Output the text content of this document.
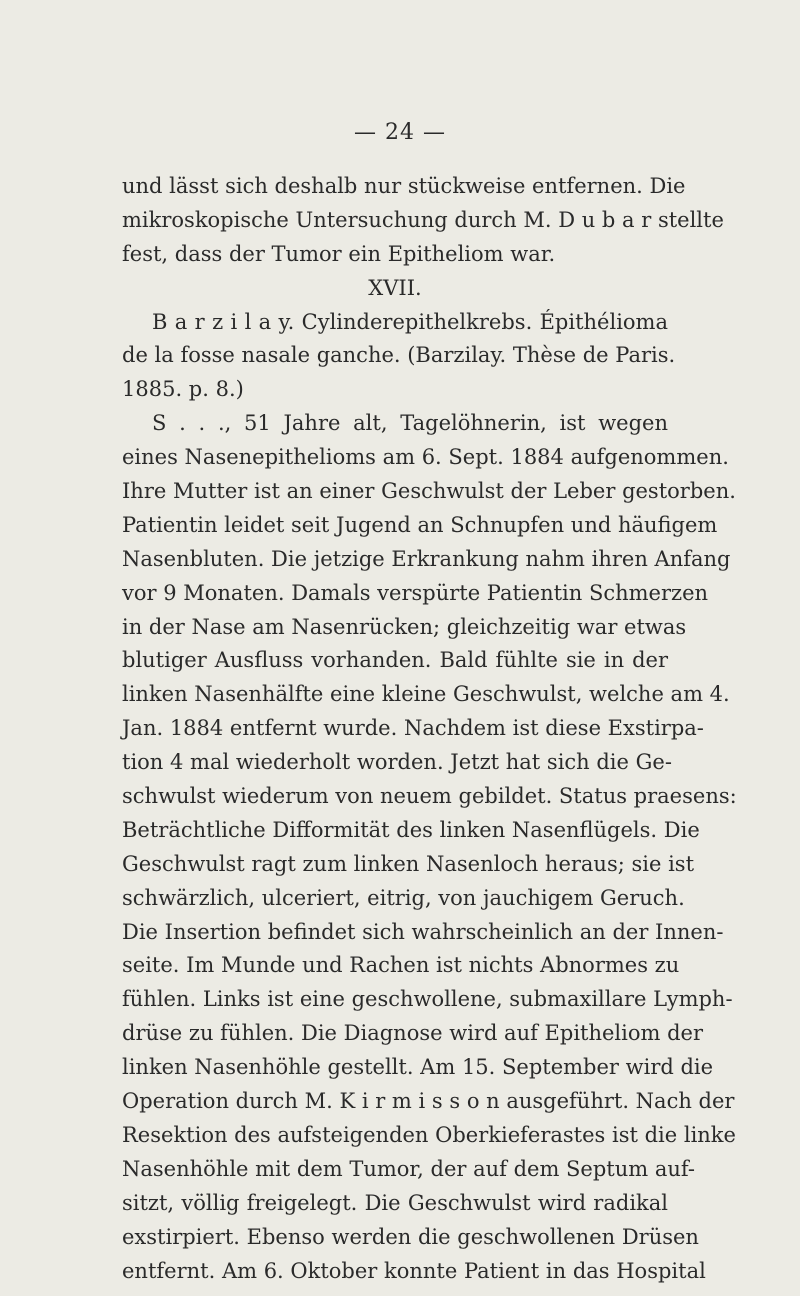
— 24 —
und lässt sich deshalb nur stückweise entfernen. Die
mikroskopische Untersuchung durch M. D u b a r stellte
fest, dass der Tumor ein Epitheliom war.
XVII.
B a r z i l a y. Cylinderepithelkrebs. Épithélioma
de la fosse nasale ganche. (Barzilay. Thèse de Paris.
1885. p. 8.)
S . . ., 51 Jahre alt, Tagelöhnerin, ist wegen
eines Nasenepithelioms am 6. Sept. 1884 aufgenommen.
Ihre Mutter ist an einer Geschwulst der Leber gestorben.
Patientin leidet seit Jugend an Schnupfen und häufigem
Nasenbluten. Die jetzige Erkrankung nahm ihren Anfang
vor 9 Monaten. Damals verspürte Patientin Schmerzen
in der Nase am Nasenrücken; gleichzeitig war etwas
blutiger Ausfluss vorhanden. Bald fühlte sie in der
linken Nasenhälfte eine kleine Geschwulst, welche am 4.
Jan. 1884 entfernt wurde. Nachdem ist diese Exstirpa-
tion 4 mal wiederholt worden. Jetzt hat sich die Ge-
schwulst wiederum von neuem gebildet. Status praesens:
Beträchtliche Difformität des linken Nasenflügels. Die
Geschwulst ragt zum linken Nasenloch heraus; sie ist
schwärzlich, ulceriert, eitrig, von jauchigem Geruch.
Die Insertion befindet sich wahrscheinlich an der Innen-
seite. Im Munde und Rachen ist nichts Abnormes zu
fühlen. Links ist eine geschwollene, submaxillare Lymph-
drüse zu fühlen. Die Diagnose wird auf Epitheliom der
linken Nasenhöhle gestellt. Am 15. September wird die
Operation durch M. K i r m i s s o n ausgeführt. Nach der
Resektion des aufsteigenden Oberkieferastes ist die linke
Nasenhöhle mit dem Tumor, der auf dem Septum auf-
sitzt, völlig freigelegt. Die Geschwulst wird radikal
exstirpiert. Ebenso werden die geschwollenen Drüsen
entfernt. Am 6. Oktober konnte Patient in das Hospital
